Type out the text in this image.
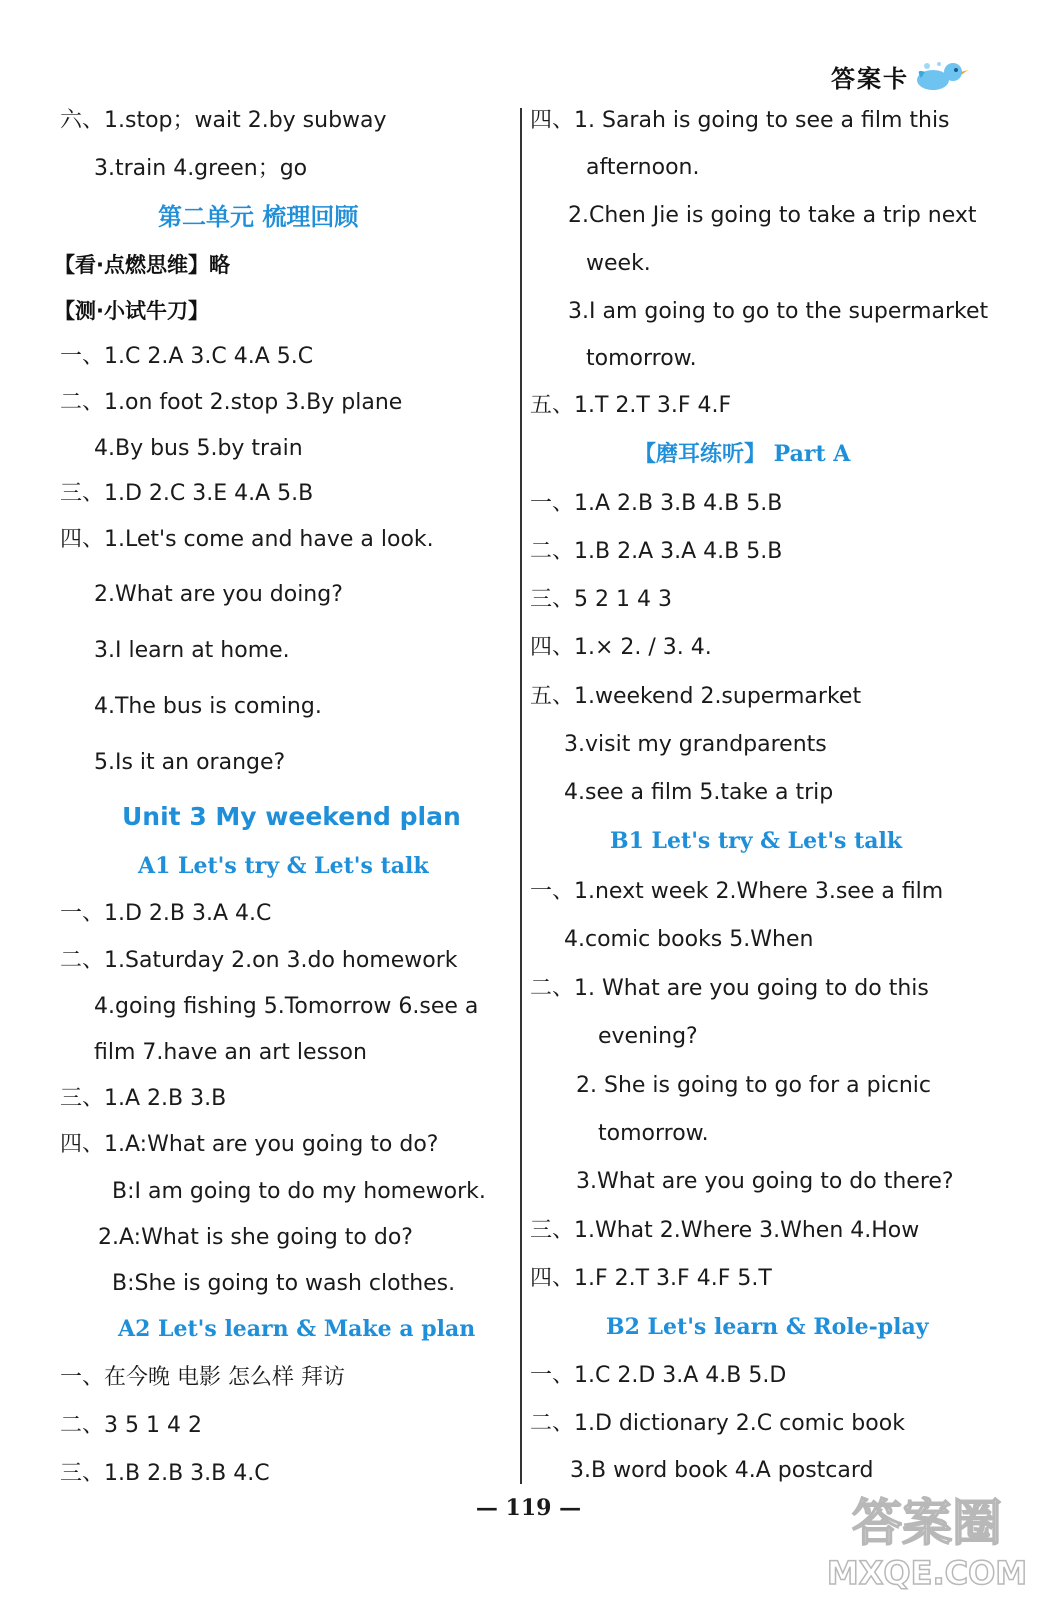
答案卡
六、1.stop；wait 2.by subway
3.train 4.green；go
第二单元 梳理回顾
【看·点燃思维】略
【测·小试牛刀】
一、1.C 2.A 3.C 4.A 5.C
二、1.on foot 2.stop 3.By plane
4.By bus 5.by train
三、1.D 2.C 3.E 4.A 5.B
四、1.Let's come and have a look.
2.What are you doing?
3.I learn at home.
4.The bus is coming.
5.Is it an orange?
Unit 3 My weekend plan
A1 Let's try & Let's talk
一、1.D 2.B 3.A 4.C
二、1.Saturday 2.on 3.do homework
4.going fishing 5.Tomorrow 6.see a
film 7.have an art lesson
三、1.A 2.B 3.B
四、1.A:What are you going to do?
B:I am going to do my homework.
2.A:What is she going to do?
B:She is going to wash clothes.
A2 Let's learn & Make a plan
一、在今晚 电影 怎么样 拜访
二、3 5 1 4 2
三、1.B 2.B 3.B 4.C
四、1. Sarah is going to see a film this
afternoon.
2.Chen Jie is going to take a trip next
week.
3.I am going to go to the supermarket
tomorrow.
五、1.T 2.T 3.F 4.F
【磨耳练听】 Part A
一、1.A 2.B 3.B 4.B 5.B
二、1.B 2.A 3.A 4.B 5.B
三、5 2 1 4 3
四、1.× 2. / 3. 4.
五、1.weekend 2.supermarket
3.visit my grandparents
4.see a film 5.take a trip
B1 Let's try & Let's talk
一、1.next week 2.Where 3.see a film
4.comic books 5.When
二、1. What are you going to do this
evening?
2. She is going to go for a picnic
tomorrow.
3.What are you going to do there?
三、1.What 2.Where 3.When 4.How
四、1.F 2.T 3.F 4.F 5.T
B2 Let's learn & Role-play
一、1.C 2.D 3.A 4.B 5.D
二、1.D dictionary 2.C comic book
3.B word book 4.A postcard
— 119 —	答案圈
MXQE.COM
